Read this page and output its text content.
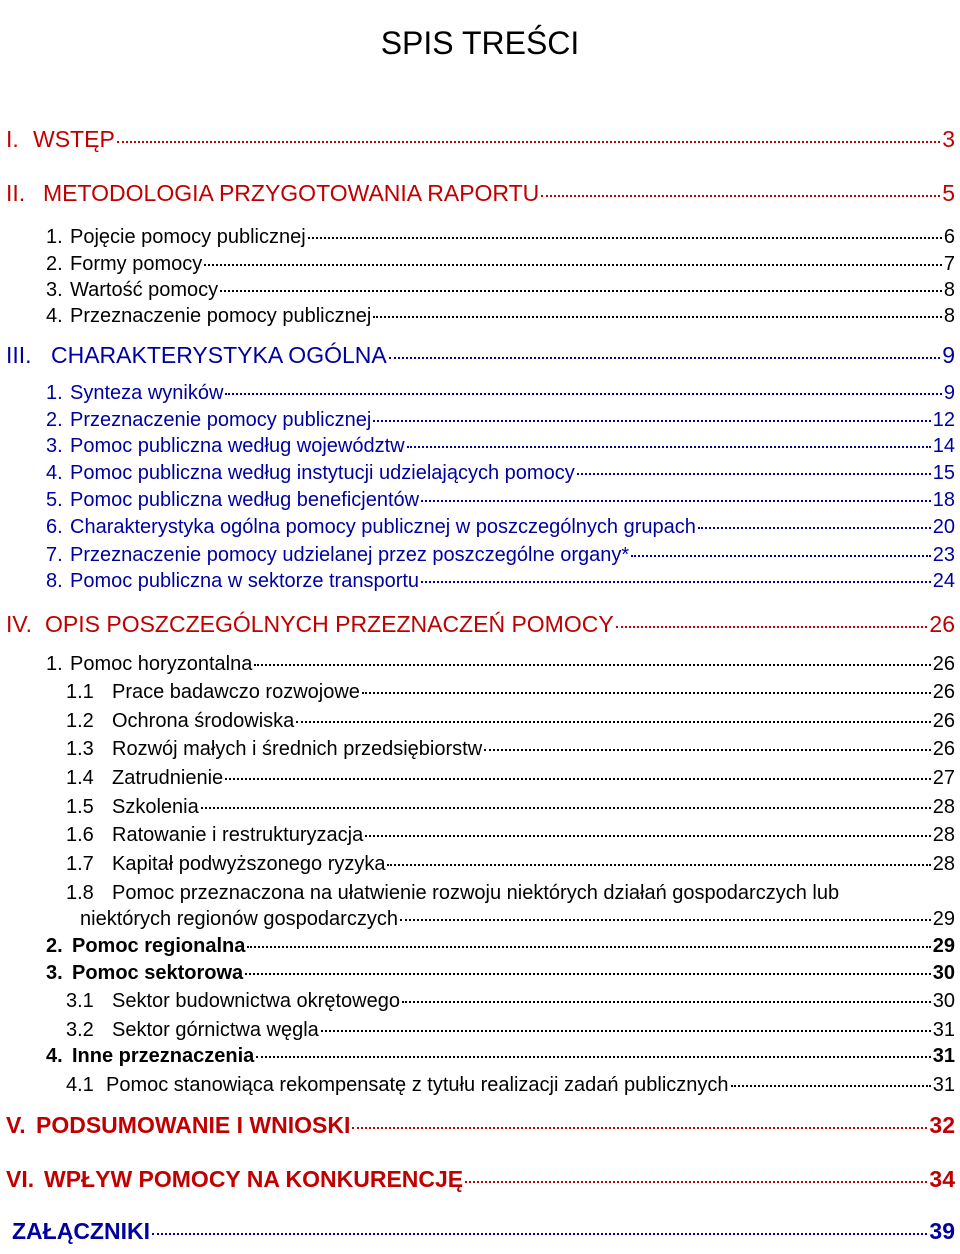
SPIS TREŚCI
I. WSTĘP	3
II. METODOLOGIA PRZYGOTOWANIA RAPORTU	5
1. Pojęcie pomocy publicznej	6
2. Formy pomocy	7
3. Wartość pomocy	8
4. Przeznaczenie pomocy publicznej	8
III. CHARAKTERYSTYKA OGÓLNA	9
1. Synteza wyników	9
2. Przeznaczenie pomocy publicznej	12
3. Pomoc publiczna według województw	14
4. Pomoc publiczna według instytucji udzielających pomocy	15
5. Pomoc publiczna według beneficjentów	18
6. Charakterystyka ogólna pomocy publicznej w poszczególnych grupach	20
7. Przeznaczenie pomocy udzielanej przez poszczególne organy*	23
8. Pomoc publiczna w sektorze transportu	24
IV. OPIS POSZCZEGÓLNYCH PRZEZNACZEŃ POMOCY	26
1. Pomoc horyzontalna	26
1.1 Prace badawczo rozwojowe	26
1.2 Ochrona środowiska	26
1.3 Rozwój małych i średnich przedsiębiorstw	26
1.4 Zatrudnienie	27
1.5 Szkolenia	28
1.6 Ratowanie i restrukturyzacja	28
1.7 Kapitał podwyższonego ryzyka	28
1.8 Pomoc przeznaczona na ułatwienie rozwoju niektórych działań gospodarczych lub
niektórych regionów gospodarczych	29
2. Pomoc regionalna	29
3. Pomoc sektorowa	30
3.1 Sektor budownictwa okrętowego	30
3.2 Sektor górnictwa węgla	31
4. Inne przeznaczenia	31
4.1 Pomoc stanowiąca rekompensatę z tytułu realizacji zadań publicznych	31
V. PODSUMOWANIE I WNIOSKI	32
VI. WPŁYW POMOCY NA KONKURENCJĘ	34
ZAŁĄCZNIKI	39
